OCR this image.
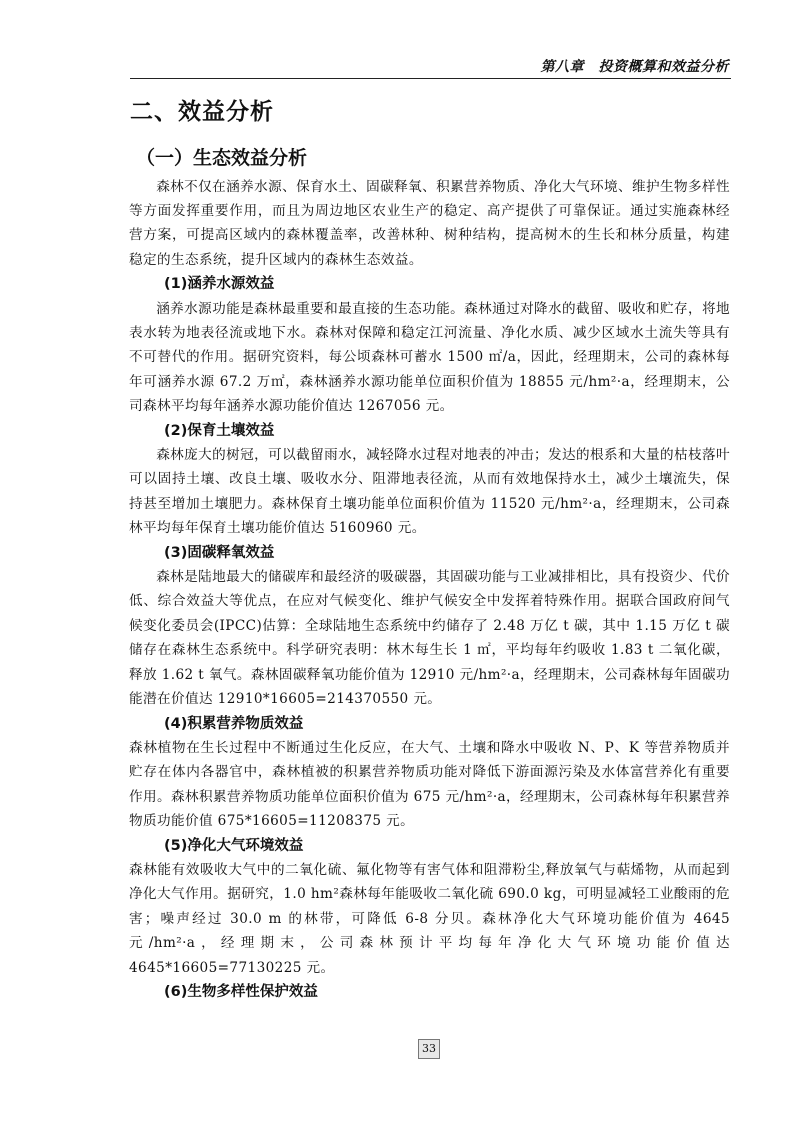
第八章　投资概算和效益分析
二、效益分析
（一）生态效益分析

森林不仅在涵养水源、保育水土、固碳释氧、积累营养物质、净化大气环境、维护生物多样性等方面发挥重要作用，而且为周边地区农业生产的稳定、高产提供了可靠保证。通过实施森林经营方案，可提高区域内的森林覆盖率，改善林种、树种结构，提高树木的生长和林分质量，构建稳定的生态系统，提升区域内的森林生态效益。

(1)涵养水源效益

涵养水源功能是森林最重要和最直接的生态功能。森林通过对降水的截留、吸收和贮存，将地表水转为地表径流或地下水。森林对保障和稳定江河流量、净化水质、减少区域水土流失等具有不可替代的作用。据研究资料，每公顷森林可蓄水 1500 ㎡/a，因此，经理期末，公司的森林每年可涵养水源 67.2 万㎡，森林涵养水源功能单位面积价值为 18855 元/hm²·a，经理期末，公司森林平均每年涵养水源功能价值达 1267056 元。

(2)保育土壤效益

森林庞大的树冠，可以截留雨水，减轻降水过程对地表的冲击；发达的根系和大量的枯枝落叶可以固持土壤、改良土壤、吸收水分、阻滞地表径流，从而有效地保持水土，减少土壤流失，保持甚至增加土壤肥力。森林保育土壤功能单位面积价值为 11520 元/hm²·a，经理期末，公司森林平均每年保育土壤功能价值达 5160960 元。

(3)固碳释氧效益

森林是陆地最大的储碳库和最经济的吸碳器，其固碳功能与工业减排相比，具有投资少、代价低、综合效益大等优点，在应对气候变化、维护气候安全中发挥着特殊作用。据联合国政府间气候变化委员会(IPCC)估算：全球陆地生态系统中约储存了 2.48 万亿 t 碳，其中 1.15 万亿 t 碳储存在森林生态系统中。科学研究表明：林木每生长 1 ㎡，平均每年约吸收 1.83 t 二氧化碳，释放 1.62 t 氧气。森林固碳释氧功能价值为 12910 元/hm²·a，经理期末，公司森林每年固碳功能潜在价值达 12910*16605=214370550 元。

(4)积累营养物质效益

森林植物在生长过程中不断通过生化反应，在大气、土壤和降水中吸收 N、P、K 等营养物质并贮存在体内各器官中，森林植被的积累营养物质功能对降低下游面源污染及水体富营养化有重要作用。森林积累营养物质功能单位面积价值为 675 元/hm²·a，经理期末，公司森林每年积累营养物质功能价值 675*16605=11208375 元。

(5)净化大气环境效益

森林能有效吸收大气中的二氧化硫、氟化物等有害气体和阻滞粉尘,释放氧气与萜烯物，从而起到净化大气作用。据研究，1.0 hm²森林每年能吸收二氧化硫 690.0 kg，可明显减轻工业酸雨的危害；噪声经过 30.0 m 的林带，可降低 6-8 分贝。森林净化大气环境功能价值为 4645 元/hm²·a，经理期末，公司森林预计平均每年净化大气环境功能价值达 4645*16605=77130225 元。

(6)生物多样性保护效益
33
